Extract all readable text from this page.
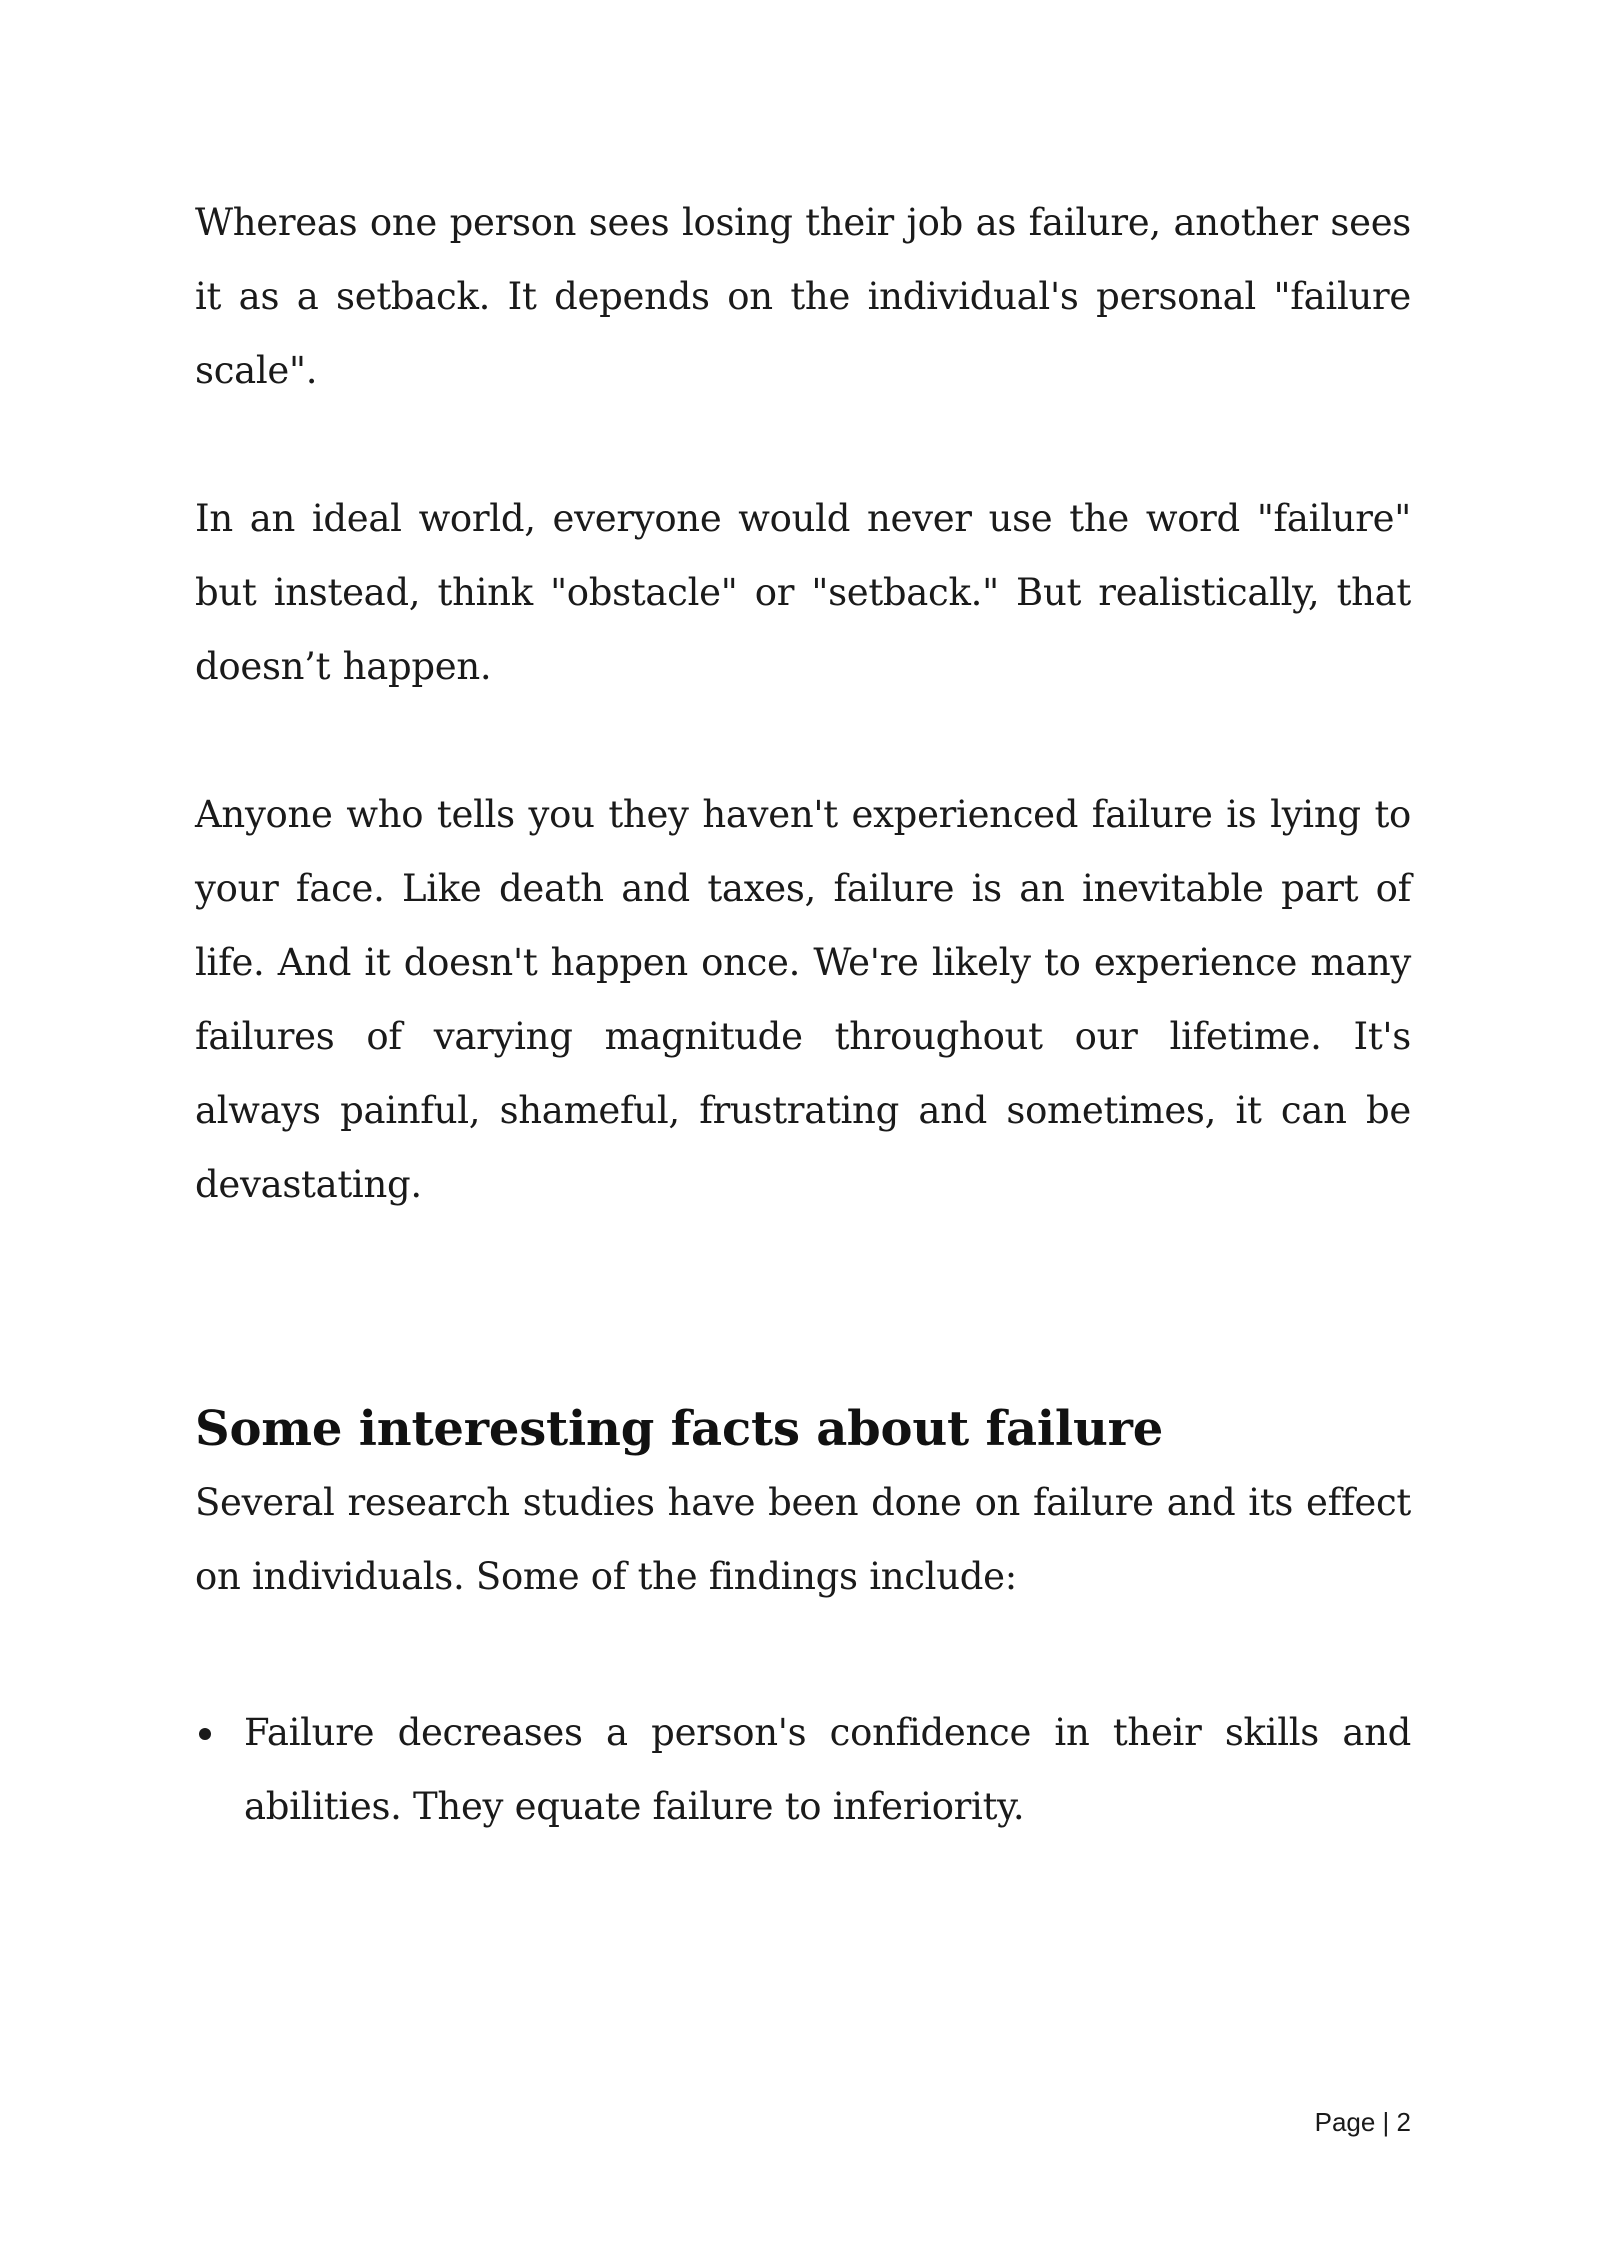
Whereas one person sees losing their job as failure, another sees it as a setback. It depends on the individual's personal "failure scale".

In an ideal world, everyone would never use the word "failure" but instead, think "obstacle" or "setback." But realistically, that doesn’t happen.

Anyone who tells you they haven't experienced failure is lying to your face. Like death and taxes, failure is an inevitable part of life. And it doesn't happen once. We're likely to experience many failures of varying magnitude throughout our lifetime. It's always painful, shameful, frustrating and sometimes, it can be devastating.

Some interesting facts about failure

Several research studies have been done on failure and its effect on individuals. Some of the findings include:

Failure decreases a person's confidence in their skills and abilities. They equate failure to inferiority.
Page | 2
